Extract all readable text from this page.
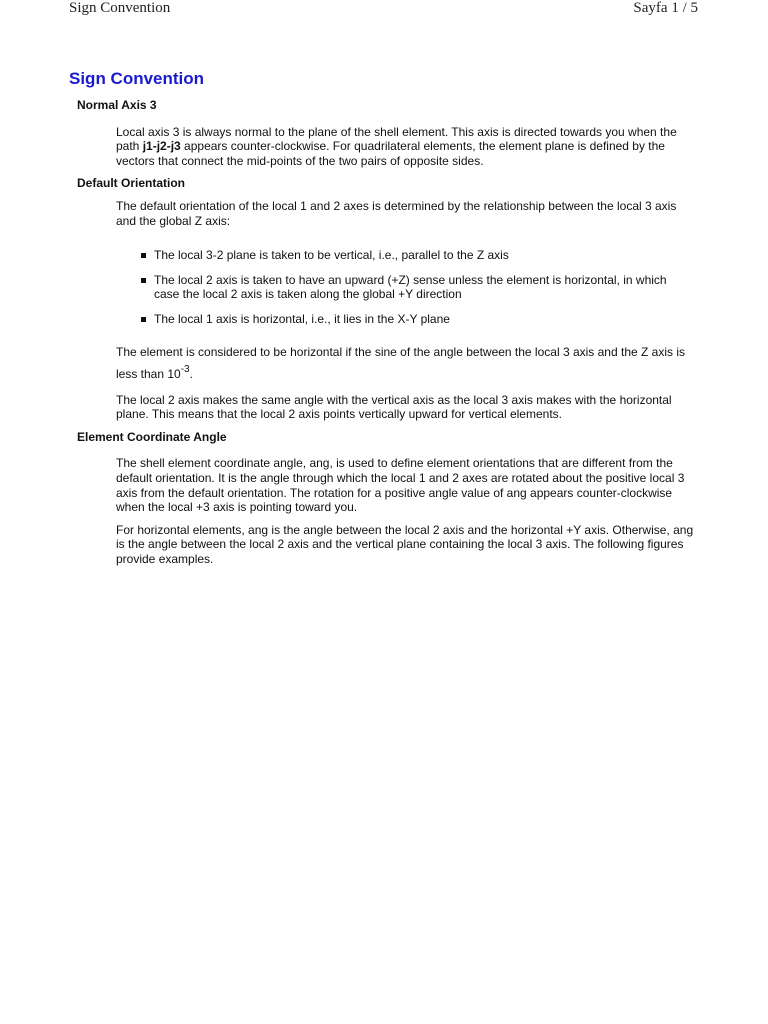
Sign Convention	Sayfa 1 / 5
Sign Convention
Normal Axis 3

Local axis 3 is always normal to the plane of the shell element. This axis is directed towards you when the path j1-j2-j3 appears counter-clockwise. For quadrilateral elements, the element plane is defined by the vectors that connect the mid-points of the two pairs of opposite sides.

Default Orientation

The default orientation of the local 1 and 2 axes is determined by the relationship between the local 3 axis and the global Z axis:

The local 3-2 plane is taken to be vertical, i.e., parallel to the Z axis
The local 2 axis is taken to have an upward (+Z) sense unless the element is horizontal, in which case the local 2 axis is taken along the global +Y direction
The local 1 axis is horizontal, i.e., it lies in the X-Y plane

The element is considered to be horizontal if the sine of the angle between the local 3 axis and the Z axis is less than $10^{-3}$.

The local 2 axis makes the same angle with the vertical axis as the local 3 axis makes with the horizontal plane. This means that the local 2 axis points vertically upward for vertical elements.

Element Coordinate Angle

The shell element coordinate angle, ang, is used to define element orientations that are different from the default orientation. It is the angle through which the local 1 and 2 axes are rotated about the positive local 3 axis from the default orientation. The rotation for a positive angle value of ang appears counter-clockwise when the local +3 axis is pointing toward you.

For horizontal elements, ang is the angle between the local 2 axis and the horizontal +Y axis. Otherwise, ang is the angle between the local 2 axis and the vertical plane containing the local 3 axis. The following figures provide examples.
